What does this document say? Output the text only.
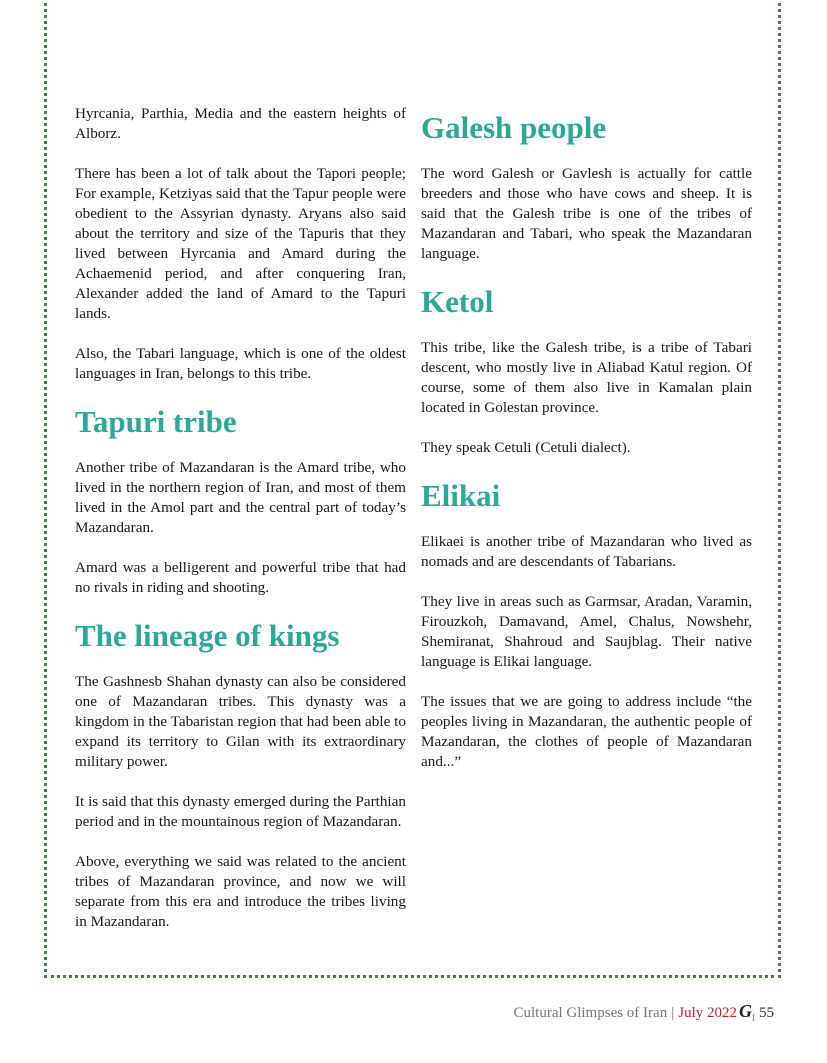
Hyrcania, Parthia, Media and the eastern heights of Alborz.

There has been a lot of talk about the Tapori people; For example, Ketziyas said that the Tapur people were obedient to the Assyrian dynasty. Aryans also said about the territory and size of the Tapuris that they lived between Hyrcania and Amard during the Achaemenid period, and after conquering Iran, Alexander added the land of Amard to the Tapuri lands.

Also, the Tabari language, which is one of the oldest languages in Iran, belongs to this tribe.

Tapuri tribe

Another tribe of Mazandaran is the Amard tribe, who lived in the northern region of Iran, and most of them lived in the Amol part and the central part of today’s Mazandaran.

Amard was a belligerent and powerful tribe that had no rivals in riding and shooting.

The lineage of kings

The Gashnesb Shahan dynasty can also be considered one of Mazandaran tribes. This dynasty was a kingdom in the Tabaristan region that had been able to expand its territory to Gilan with its extraordinary military power.

It is said that this dynasty emerged during the Parthian period and in the mountainous region of Mazandaran.

Above, everything we said was related to the ancient tribes of Mazandaran province, and now we will separate from this era and introduce the tribes living in Mazandaran.

Galesh people

The word Galesh or Gavlesh is actually for cattle breeders and those who have cows and sheep. It is said that the Galesh tribe is one of the tribes of Mazandaran and Tabari, who speak the Mazandaran language.

Ketol

This tribe, like the Galesh tribe, is a tribe of Tabari descent, who mostly live in Aliabad Katul region. Of course, some of them also live in Kamalan plain located in Golestan province.

They speak Cetuli (Cetuli dialect).

Elikai

Elikaei is another tribe of Mazandaran who lived as nomads and are descendants of Tabarians.

They live in areas such as Garmsar, Aradan, Varamin, Firouzkoh, Damavand, Amel, Chalus, Nowshehr, Shemiranat, Shahroud and Saujblag. Their native language is Elikai language.

The issues that we are going to address include “the peoples living in Mazandaran, the authentic people of Mazandaran, the clothes of people of Mazandaran and...”

Cultural Glimpses of Iran | July 2022 $G_I$ 55
